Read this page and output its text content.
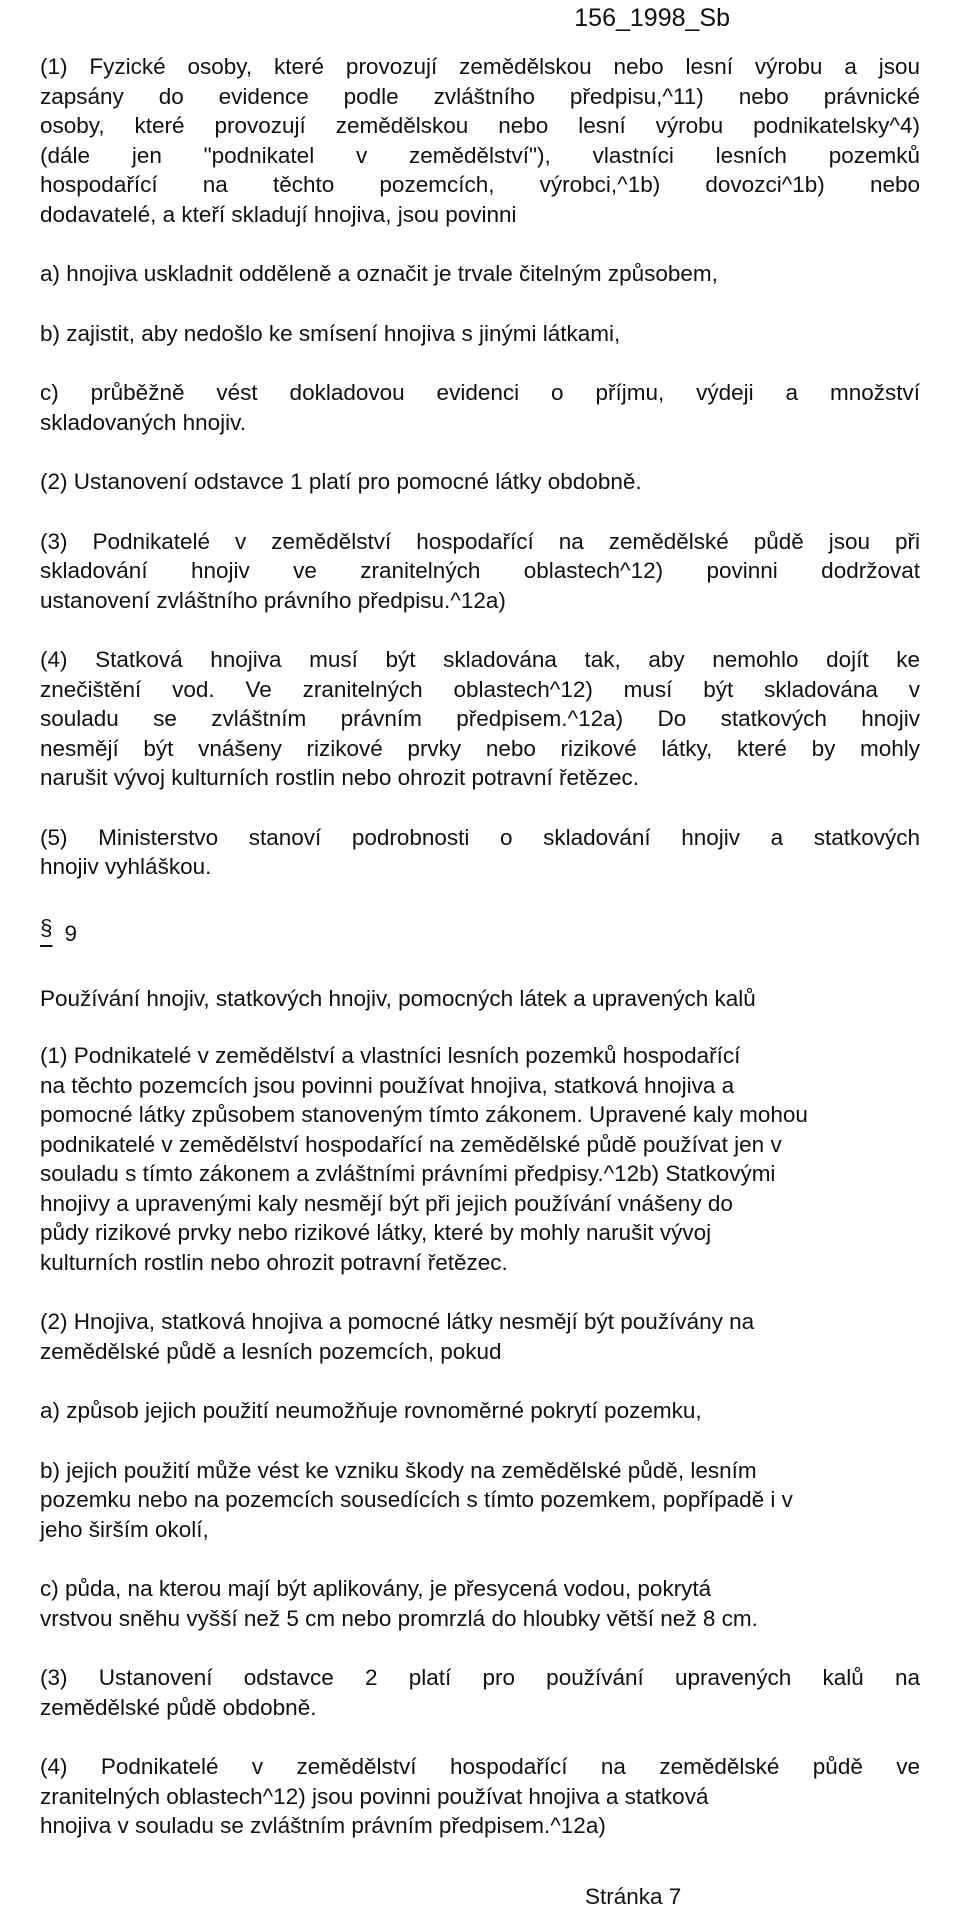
156_1998_Sb

(1) Fyzické osoby, které provozují zemědělskou nebo lesní výrobu a jsou
zapsány do evidence podle zvláštního předpisu,^11) nebo právnické
osoby, které provozují zemědělskou nebo lesní výrobu podnikatelsky^4)
(dále jen "podnikatel v zemědělství"), vlastníci lesních pozemků
hospodařící na těchto pozemcích, výrobci,^1b) dovozci^1b) nebo
dodavatelé, a kteří skladují hnojiva, jsou povinni

a) hnojiva uskladnit odděleně a označit je trvale čitelným způsobem,

b) zajistit, aby nedošlo ke smísení hnojiva s jinými látkami,

c) průběžně vést dokladovou evidenci o příjmu, výdeji a množství
skladovaných hnojiv.

(2) Ustanovení odstavce 1 platí pro pomocné látky obdobně.

(3) Podnikatelé v zemědělství hospodařící na zemědělské půdě jsou při
skladování hnojiv ve zranitelných oblastech^12) povinni dodržovat
ustanovení zvláštního právního předpisu.^12a)

(4) Statková hnojiva musí být skladována tak, aby nemohlo dojít ke
znečištění vod. Ve zranitelných oblastech^12) musí být skladována v
souladu se zvláštním právním předpisem.^12a) Do statkových hnojiv
nesmějí být vnášeny rizikové prvky nebo rizikové látky, které by mohly
narušit vývoj kulturních rostlin nebo ohrozit potravní řetězec.

(5) Ministerstvo stanoví podrobnosti o skladování hnojiv a statkových
hnojiv vyhláškou.

§ 9

Používání hnojiv, statkových hnojiv, pomocných látek a upravených kalů

(1) Podnikatelé v zemědělství a vlastníci lesních pozemků hospodařící
na těchto pozemcích jsou povinni používat hnojiva, statková hnojiva a
pomocné látky způsobem stanoveným tímto zákonem. Upravené kaly mohou
podnikatelé v zemědělství hospodařící na zemědělské půdě používat jen v
souladu s tímto zákonem a zvláštními právními předpisy.^12b) Statkovými
hnojivy a upravenými kaly nesmějí být při jejich používání vnášeny do
půdy rizikové prvky nebo rizikové látky, které by mohly narušit vývoj
kulturních rostlin nebo ohrozit potravní řetězec.

(2) Hnojiva, statková hnojiva a pomocné látky nesmějí být používány na
zemědělské půdě a lesních pozemcích, pokud

a) způsob jejich použití neumožňuje rovnoměrné pokrytí pozemku,

b) jejich použití může vést ke vzniku škody na zemědělské půdě, lesním
pozemku nebo na pozemcích sousedících s tímto pozemkem, popřípadě i v
jeho širším okolí,

c) půda, na kterou mají být aplikovány, je přesycená vodou, pokrytá
vrstvou sněhu vyšší než 5 cm nebo promrzlá do hloubky větší než 8 cm.

(3) Ustanovení odstavce 2 platí pro používání upravených kalů na
zemědělské půdě obdobně.

(4) Podnikatelé v zemědělství hospodařící na zemědělské půdě ve
zranitelných oblastech^12) jsou povinni používat hnojiva a statková
hnojiva v souladu se zvláštním právním předpisem.^12a)

Stránka 7
